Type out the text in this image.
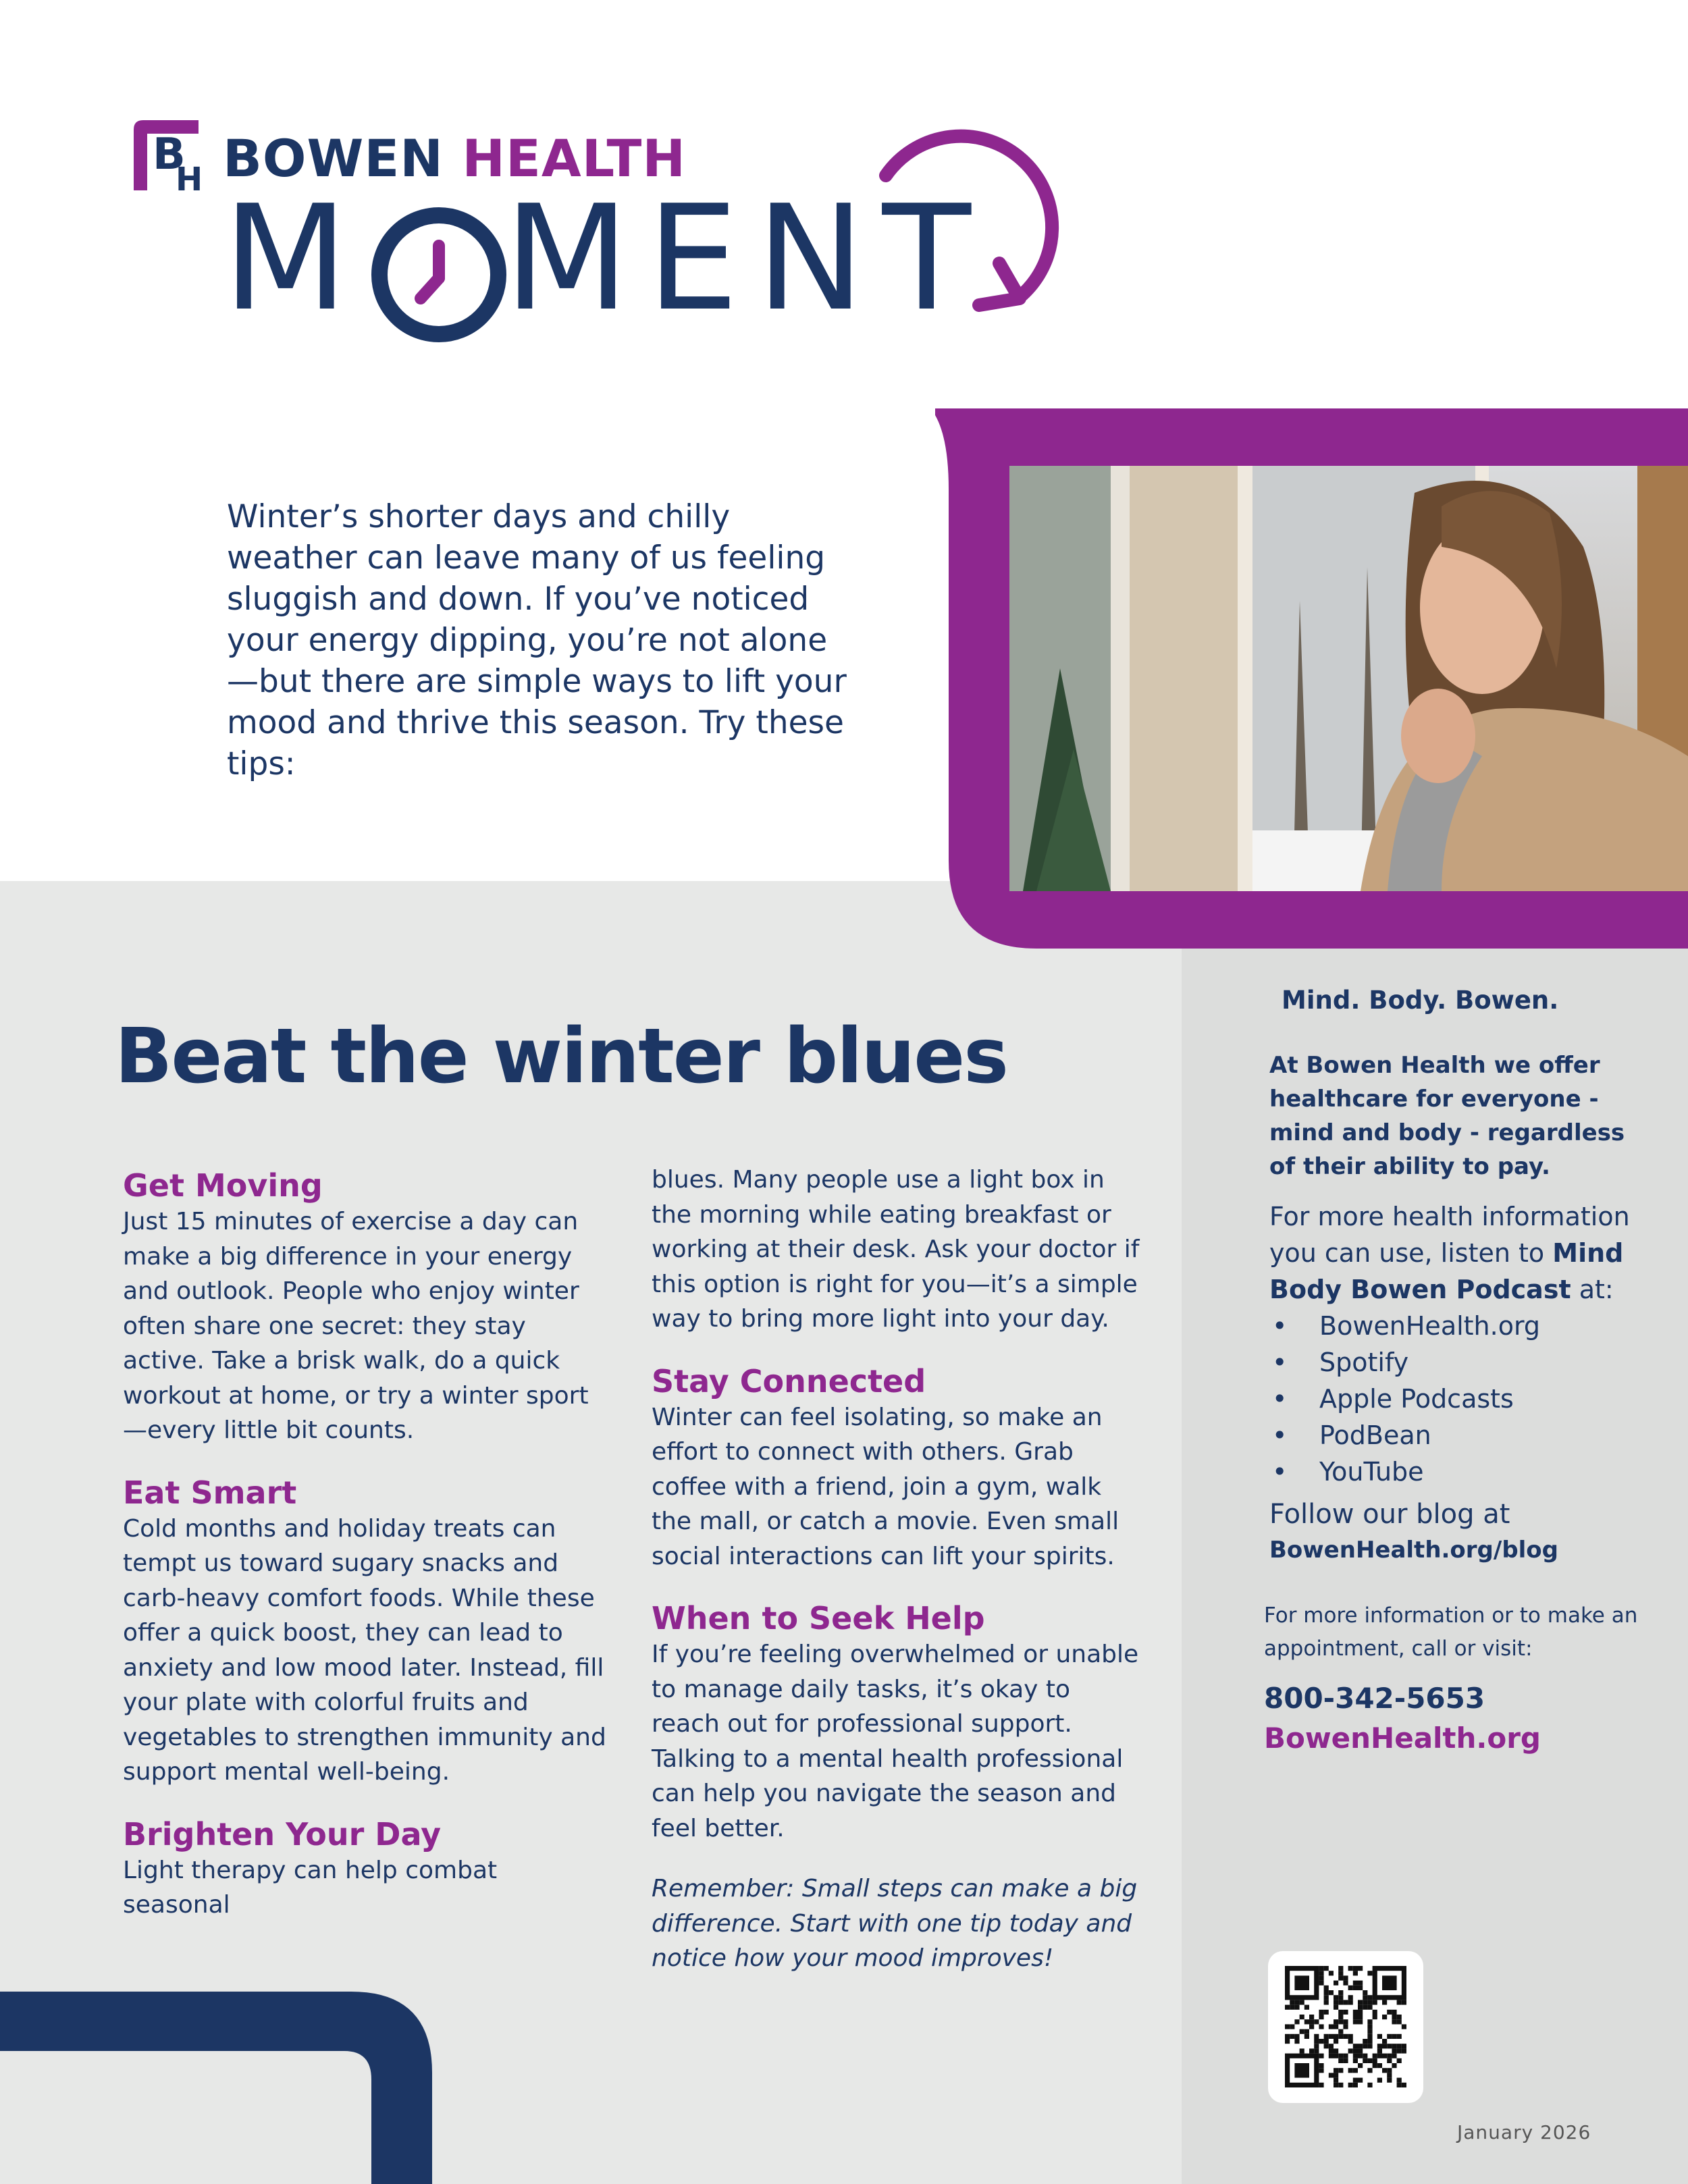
B
H BOWEN HEALTH
M MENT
Winter’s shorter days and chilly weather can leave many of us feeling sluggish and down. If you’ve noticed your energy dipping, you’re not alone—but there are simple ways to lift your mood and thrive this season. Try these tips:
Beat the winter blues
Get Moving
Just 15 minutes of exercise a day can make a big difference in your energy and outlook. People who enjoy winter often share one secret: they stay active. Take a brisk walk, do a quick workout at home, or try a winter sport—every little bit counts.
Eat Smart
Cold months and holiday treats can tempt us toward sugary snacks and carb-heavy comfort foods. While these offer a quick boost, they can lead to anxiety and low mood later. Instead, fill your plate with colorful fruits and vegetables to strengthen immunity and support mental well-being.
Brighten Your Day
Light therapy can help combat seasonal
blues. Many people use a light box in the morning while eating breakfast or working at their desk. Ask your doctor if this option is right for you—it’s a simple way to bring more light into your day.
Stay Connected
Winter can feel isolating, so make an effort to connect with others. Grab coffee with a friend, join a gym, walk the mall, or catch a movie. Even small social interactions can lift your spirits.
When to Seek Help
If you’re feeling overwhelmed or unable to manage daily tasks, it’s okay to reach out for professional support. Talking to a mental health professional can help you navigate the season and feel better.
Remember: Small steps can make a big difference. Start with one tip today and notice how your mood improves!
Mind. Body. Bowen.
At Bowen Health we offer healthcare for everyone - mind and body - regardless of their ability to pay.
For more health information you can use, listen to Mind Body Bowen Podcast at:
• BowenHealth.org
• Spotify
• Apple Podcasts
• PodBean
• YouTube
Follow our blog at
BowenHealth.org/blog
For more information or to make an appointment, call or visit:
800-342-5653
BowenHealth.org
January 2026
